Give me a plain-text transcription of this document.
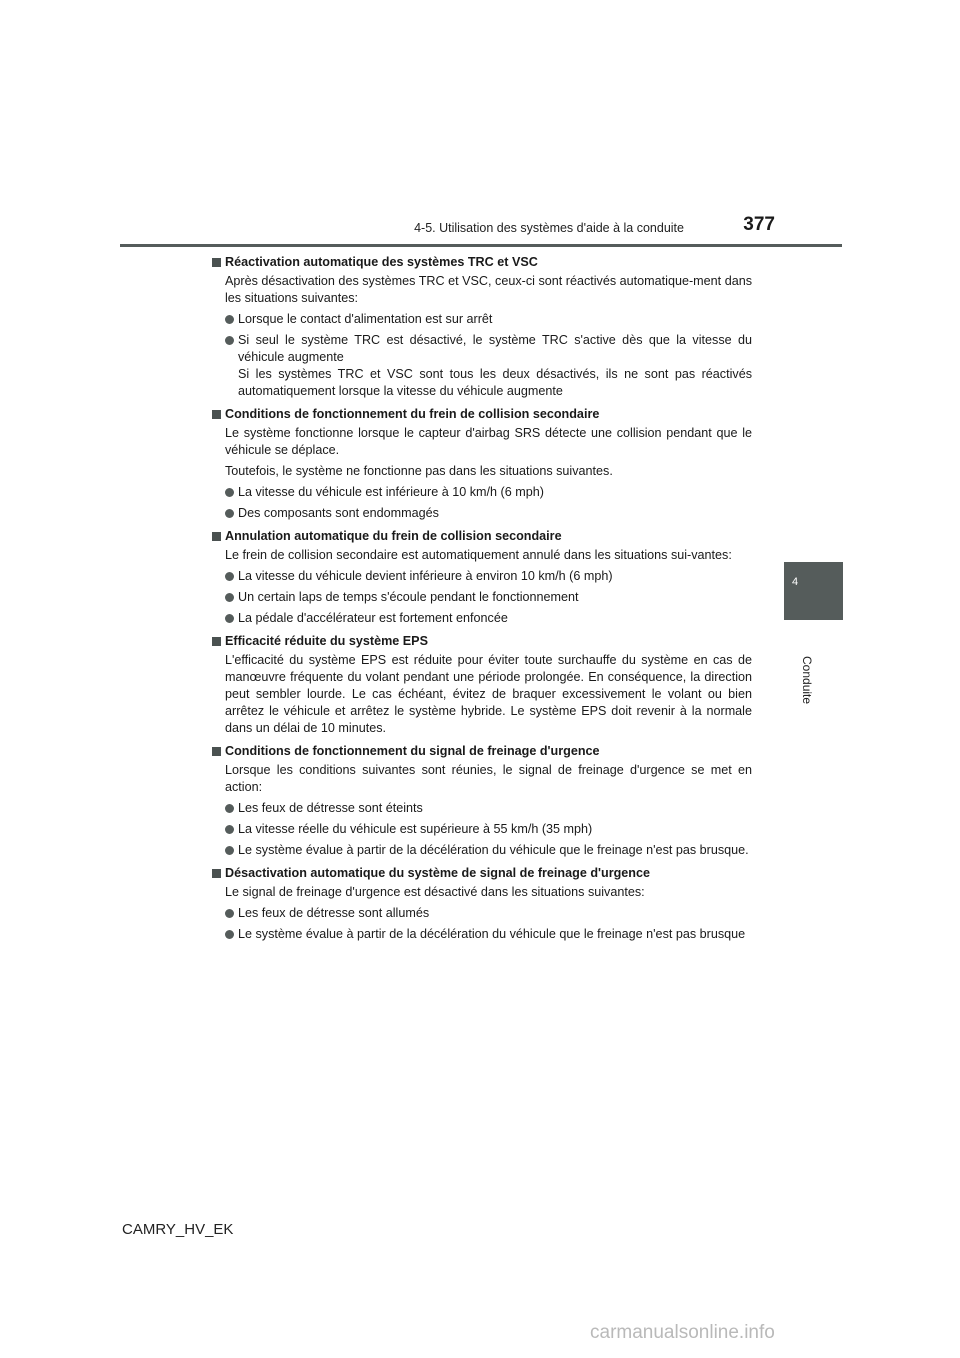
4-5. Utilisation des systèmes d'aide à la conduite	377
4
Conduite
Réactivation automatique des systèmes TRC et VSC
Après désactivation des systèmes TRC et VSC, ceux-ci sont réactivés automatique-ment dans les situations suivantes:
Lorsque le contact d'alimentation est sur arrêt
Si seul le système TRC est désactivé, le système TRC s'active dès que la vitesse du véhicule augmente
Si les systèmes TRC et VSC sont tous les deux désactivés, ils ne sont pas réactivés automatiquement lorsque la vitesse du véhicule augmente
Conditions de fonctionnement du frein de collision secondaire
Le système fonctionne lorsque le capteur d'airbag SRS détecte une collision pendant que le véhicule se déplace.
Toutefois, le système ne fonctionne pas dans les situations suivantes.
La vitesse du véhicule est inférieure à 10 km/h (6 mph)
Des composants sont endommagés
Annulation automatique du frein de collision secondaire
Le frein de collision secondaire est automatiquement annulé dans les situations sui-vantes:
La vitesse du véhicule devient inférieure à environ 10 km/h (6 mph)
Un certain laps de temps s'écoule pendant le fonctionnement
La pédale d'accélérateur est fortement enfoncée
Efficacité réduite du système EPS
L'efficacité du système EPS est réduite pour éviter toute surchauffe du système en cas de manœuvre fréquente du volant pendant une période prolongée. En conséquence, la direction peut sembler lourde. Le cas échéant, évitez de braquer excessivement le volant ou bien arrêtez le véhicule et arrêtez le système hybride. Le système EPS doit revenir à la normale dans un délai de 10 minutes.
Conditions de fonctionnement du signal de freinage d'urgence
Lorsque les conditions suivantes sont réunies, le signal de freinage d'urgence se met en action:
Les feux de détresse sont éteints
La vitesse réelle du véhicule est supérieure à 55 km/h (35 mph)
Le système évalue à partir de la décélération du véhicule que le freinage n'est pas brusque.
Désactivation automatique du système de signal de freinage d'urgence
Le signal de freinage d'urgence est désactivé dans les situations suivantes:
Les feux de détresse sont allumés
Le système évalue à partir de la décélération du véhicule que le freinage n'est pas brusque
CAMRY_HV_EK
carmanualsonline.info
